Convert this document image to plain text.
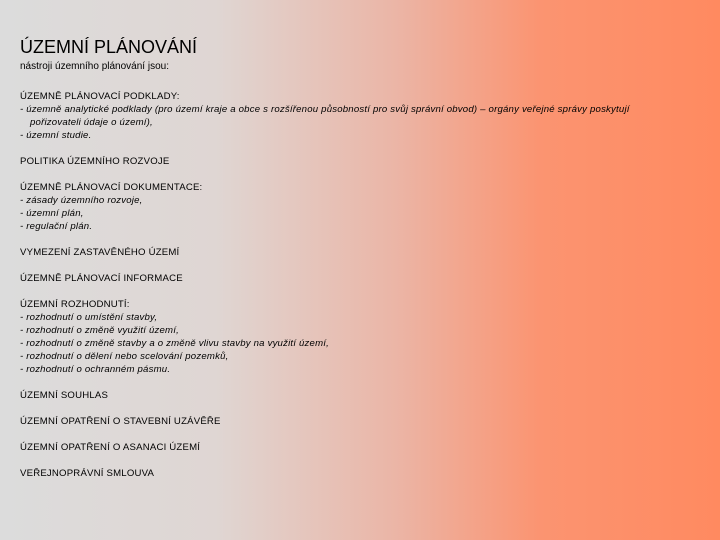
ÚZEMNÍ PLÁNOVÁNÍ

nástroji územního plánování jsou:

ÚZEMNĚ PLÁNOVACÍ PODKLADY:
- územně analytické podklady (pro území kraje a obce s rozšířenou působností pro svůj správní obvod) – orgány veřejné správy poskytují
pořizovateli údaje o území),
- územní studie.
POLITIKA ÚZEMNÍHO ROZVOJE
ÚZEMNĚ PLÁNOVACÍ DOKUMENTACE:
- zásady územního rozvoje,
- územní plán,
- regulační plán.
VYMEZENÍ ZASTAVĚNÉHO ÚZEMÍ
ÚZEMNĚ PLÁNOVACÍ INFORMACE
ÚZEMNÍ ROZHODNUTÍ:
- rozhodnutí o umístění stavby,
- rozhodnutí o změně využití území,
- rozhodnutí o změně stavby a o změně vlivu stavby na využití území,
- rozhodnutí o dělení nebo scelování pozemků,
- rozhodnutí o ochranném pásmu.
ÚZEMNÍ SOUHLAS
ÚZEMNÍ OPATŘENÍ O STAVEBNÍ UZÁVĚŘE
ÚZEMNÍ OPATŘENÍ O ASANACI ÚZEMÍ
VEŘEJNOPRÁVNÍ SMLOUVA
